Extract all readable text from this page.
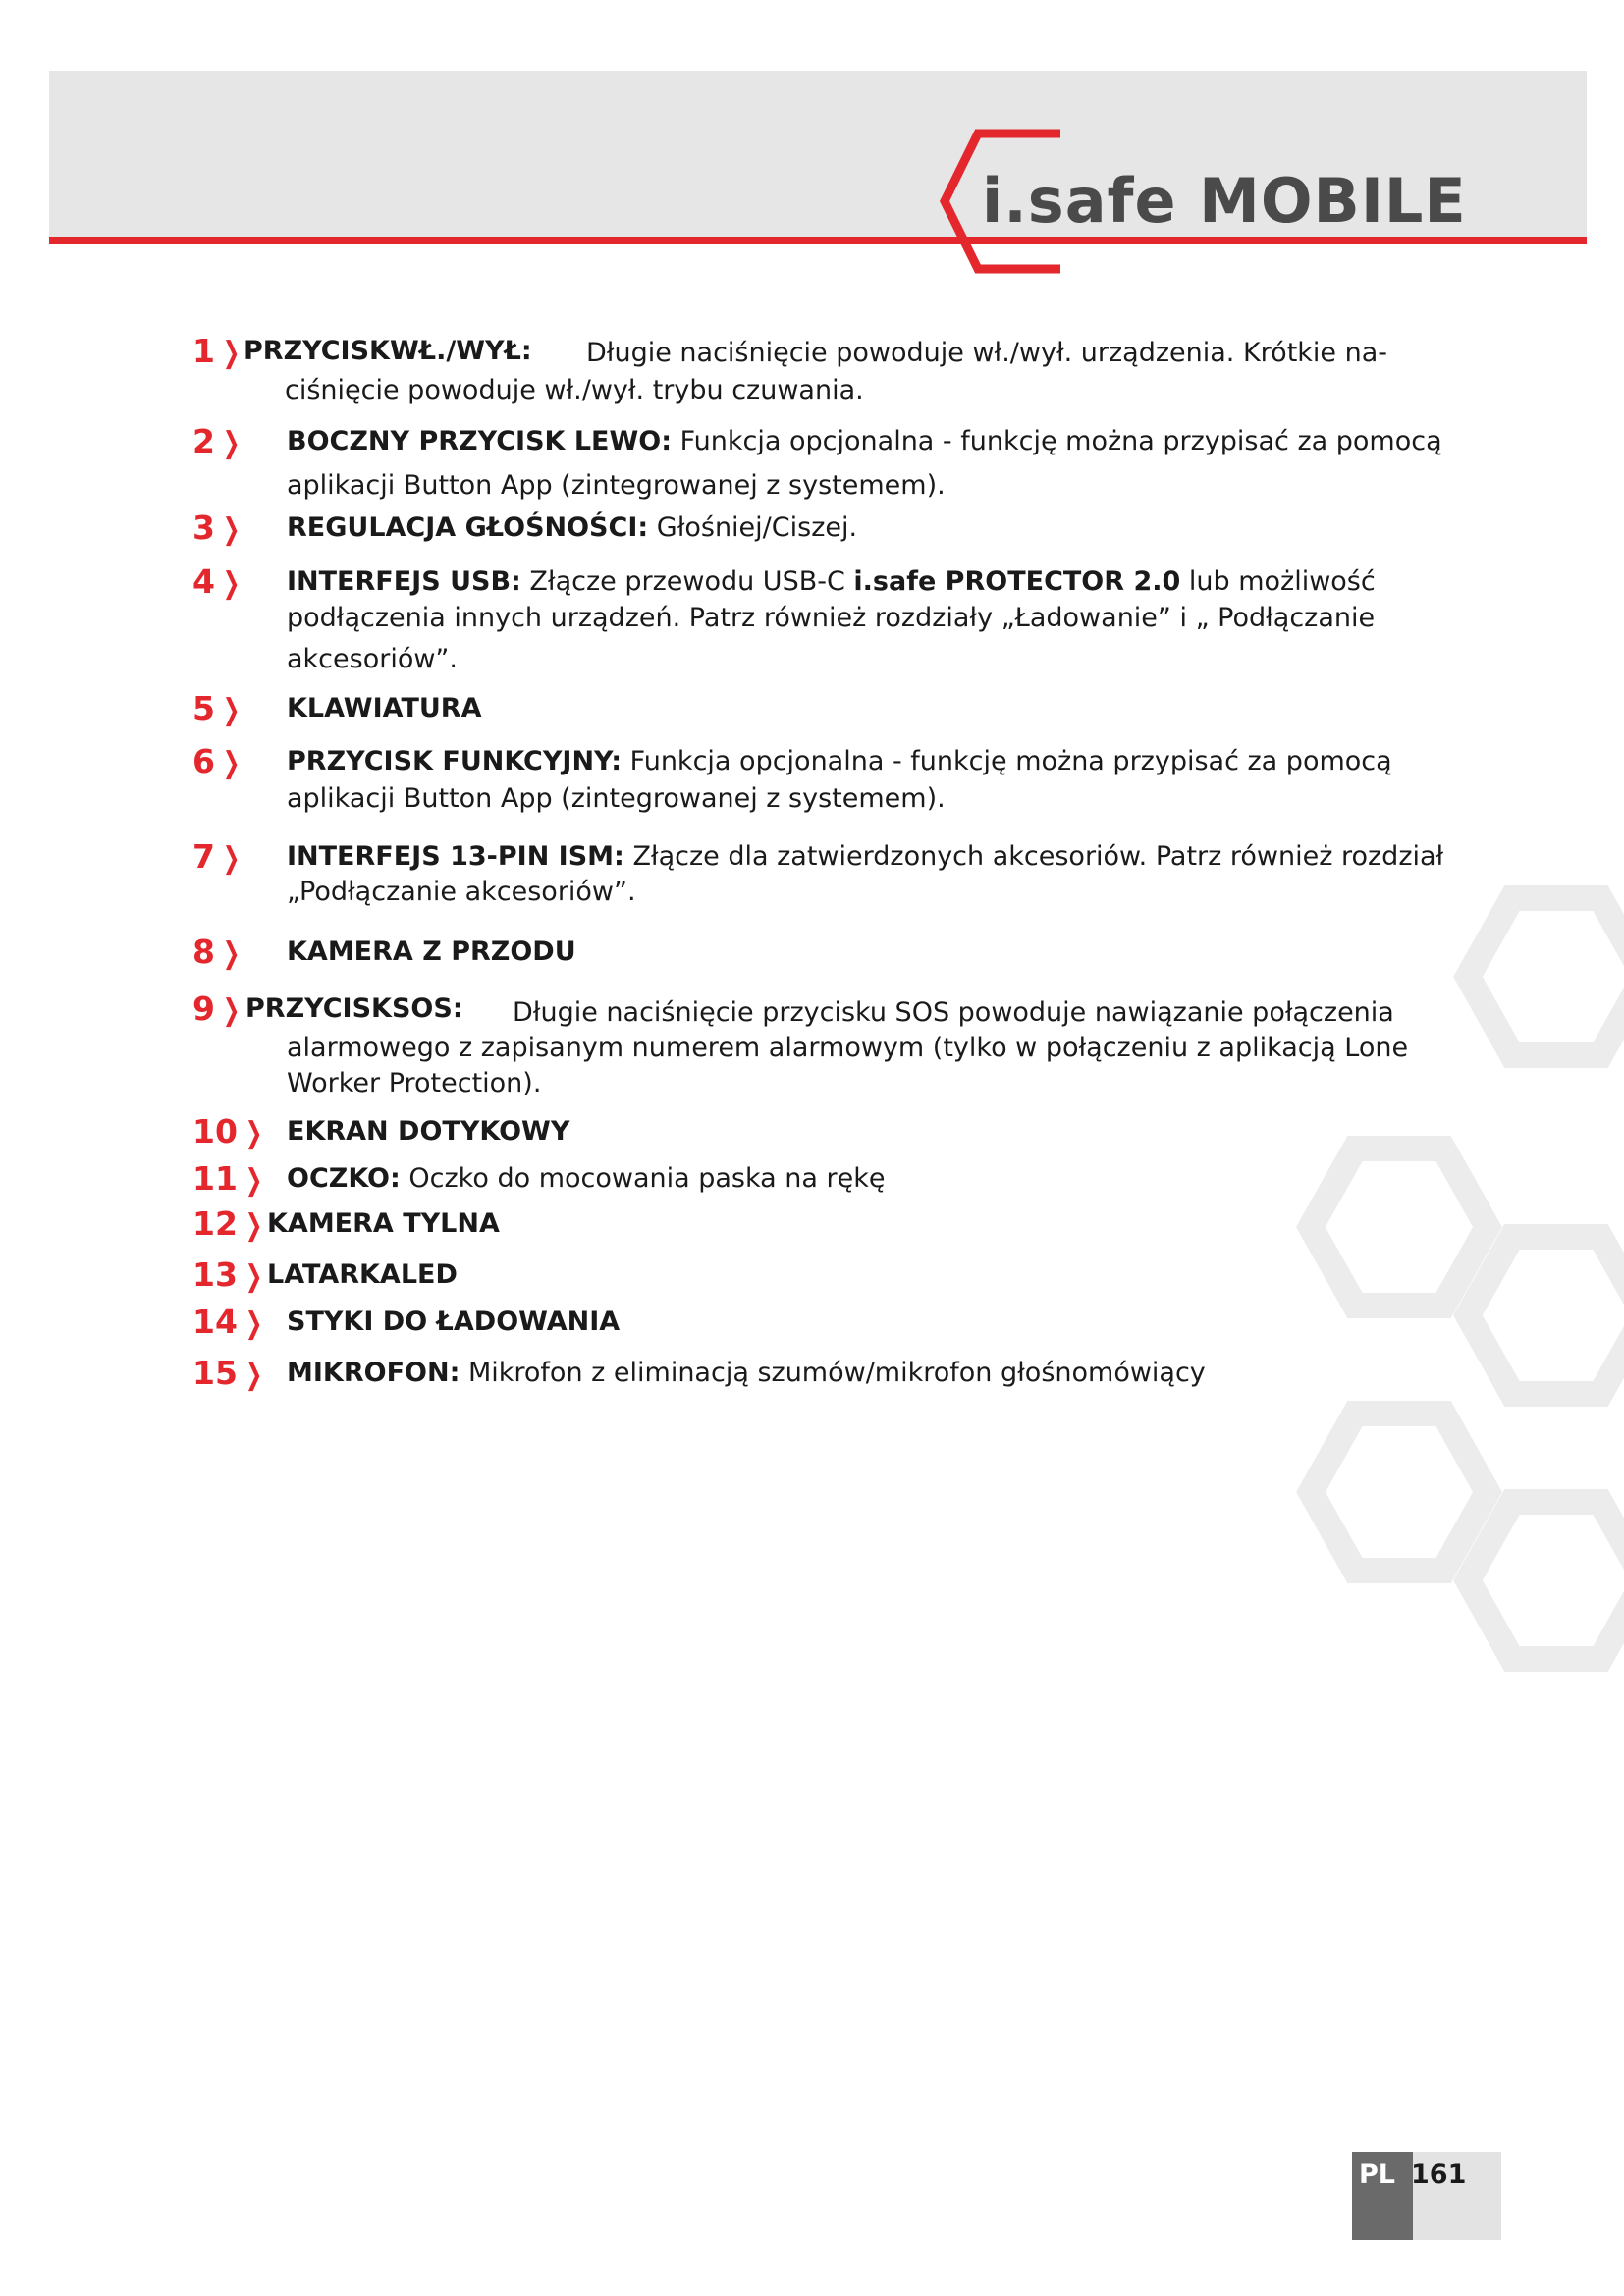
i.safe MOBILE
1 ❯ PRZYCISKWŁ./WYŁ: Długie naciśnięcie powoduje wł./wył. urządzenia. Krótkie na-
ciśnięcie powoduje wł./wył. trybu czuwania.
2 ❯	BOCZNY PRZYCISK LEWO: Funkcja opcjonalna - funkcję można przypisać za pomocą
aplikacji Button App (zintegrowanej z systemem).
3 ❯	REGULACJA GŁOŚNOŚCI: Głośniej/Ciszej.
4 ❯	INTERFEJS USB: Złącze przewodu USB-C i.safe PROTECTOR 2.0 lub możliwość
podłączenia innych urządzeń. Patrz również rozdziały „Ładowanie” i „ Podłączanie
akcesoriów”.
5 ❯	KLAWIATURA
6 ❯	PRZYCISK FUNKCYJNY: Funkcja opcjonalna - funkcję można przypisać za pomocą
aplikacji Button App (zintegrowanej z systemem).
7 ❯	INTERFEJS 13-PIN ISM: Złącze dla zatwierdzonych akcesoriów. Patrz również rozdział
„Podłączanie akcesoriów”.
8 ❯	KAMERA Z PRZODU
9 ❯ PRZYCISKSOS: Długie naciśnięcie przycisku SOS powoduje nawiązanie połączenia
alarmowego z zapisanym numerem alarmowym (tylko w połączeniu z aplikacją Lone
Worker Protection).
10 ❯ EKRAN DOTYKOWY
11 ❯ OCZKO: Oczko do mocowania paska na rękę
12 ❯ KAMERA TYLNA
13 ❯ LATARKALED
14 ❯ STYKI DO ŁADOWANIA
15 ❯ MIKROFON: Mikrofon z eliminacją szumów/mikrofon głośnomówiący
PL 161
